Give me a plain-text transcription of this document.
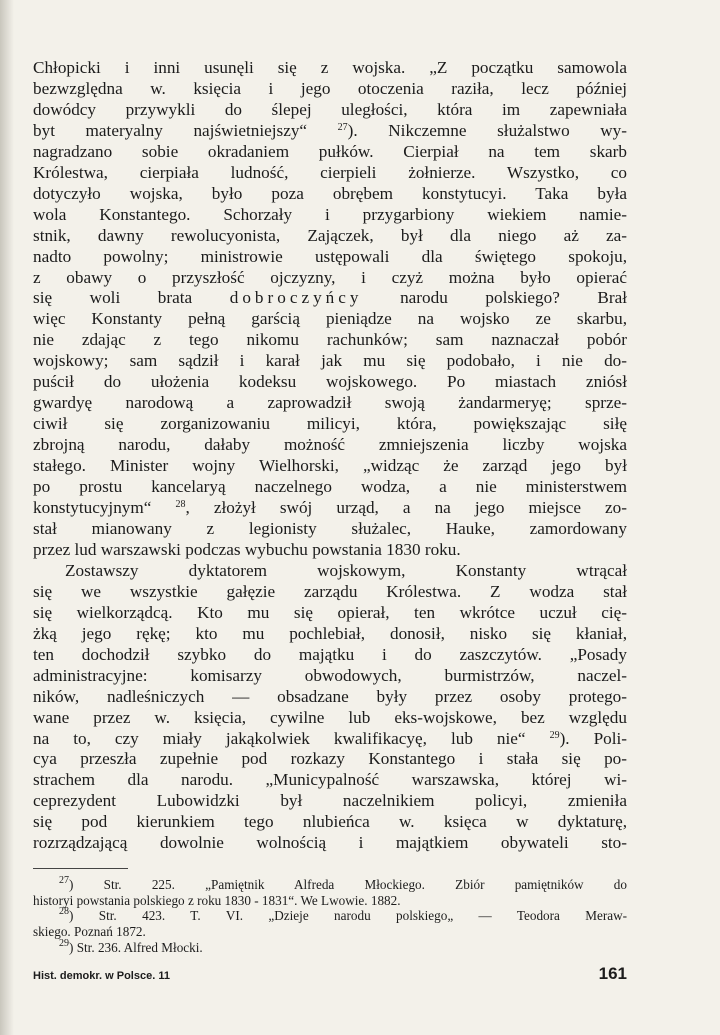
Chłopicki i inni usunęli się z wojska. „Z początku samowola
bezwzględna w. księcia i jego otoczenia raziła, lecz później
dowódcy przywykli do ślepej uległości, która im zapewniała
byt materyalny najświetniejszy“	$^{27}$). Nikczemne służalstwo wy-
nagradzano sobie okradaniem pułków. Cierpiał na tem skarb
Królestwa, cierpiała ludność, cierpieli żołnierze. Wszystko, co
dotyczyło wojska, było poza obrębem konstytucyi. Taka była
wola Konstantego. Schorzały i przygarbiony wiekiem namie-
stnik, dawny rewolucyonista, Zajączek, był dla niego aż za-
nadto powolny; ministrowie ustępowali dla świętego spokoju,
z obawy o przyszłość ojczyzny, i czyż można było opierać
się woli brata dobroczyńcy narodu polskiego? Brał
więc Konstanty pełną garścią pieniądze na wojsko ze skarbu,
nie zdając z tego nikomu rachunków; sam naznaczał pobór
wojskowy; sam sądził i karał jak mu się podobało, i nie do-
puścił do ułożenia kodeksu wojskowego. Po miastach zniósł
gwardyę narodową a zaprowadził swoją żandarmeryę; sprze-
ciwił się zorganizowaniu milicyi, która, powiększając siłę
zbrojną narodu, dałaby możność zmniejszenia liczby wojska
stałego. Minister wojny Wielhorski, „widząc że zarząd jego był
po prostu kancelaryą naczelnego wodza, a nie ministerstwem
konstytucyjnym“ $^{28}$, złożył swój urząd, a na jego miejsce zo-
stał mianowany z legionisty służalec, Hauke, zamordowany
przez lud warszawski podczas wybuchu powstania 1830 roku.
Zostawszy dyktatorem wojskowym, Konstanty wtrącał
się we wszystkie gałęzie zarządu Królestwa. Z wodza stał
się wielkorządcą. Kto mu się opierał, ten wkrótce uczuł cię-
żką jego rękę; kto mu pochlebiał, donosił, nisko się kłaniał,
ten dochodził szybko do majątku i do zaszczytów. „Posady
administracyjne: komisarzy obwodowych, burmistrzów, naczel-
ników, nadleśniczych — obsadzane były przez osoby protego-
wane przez w. księcia, cywilne lub eks-wojskowe, bez względu
na to, czy miały jakąkolwiek kwalifikacyę, lub nie“ $^{29}$). Poli-
cya przeszła zupełnie pod rozkazy Konstantego i stała się po-
strachem dla narodu. „Municypalność warszawska, której wi-
ceprezydent Lubowidzki był naczelnikiem policyi, zmieniła
się pod kierunkiem tego nlubieńca w. księca w dyktaturę,
rozrządzającą dowolnie wolnością i majątkiem obywateli sto-
$^{27}$) Str. 225. „Pamiętnik Alfreda Młockiego. Zbiór pamiętników do
historyi powstania polskiego z roku 1830 - 1831“. We Lwowie. 1882.
$^{28}$) Str. 423. T. VI. „Dzieje narodu polskiego„ — Teodora Meraw-
skiego. Poznań 1872.
$^{29}$) Str. 236. Alfred Młocki.
Hist. demokr. w Polsce. 11	161
